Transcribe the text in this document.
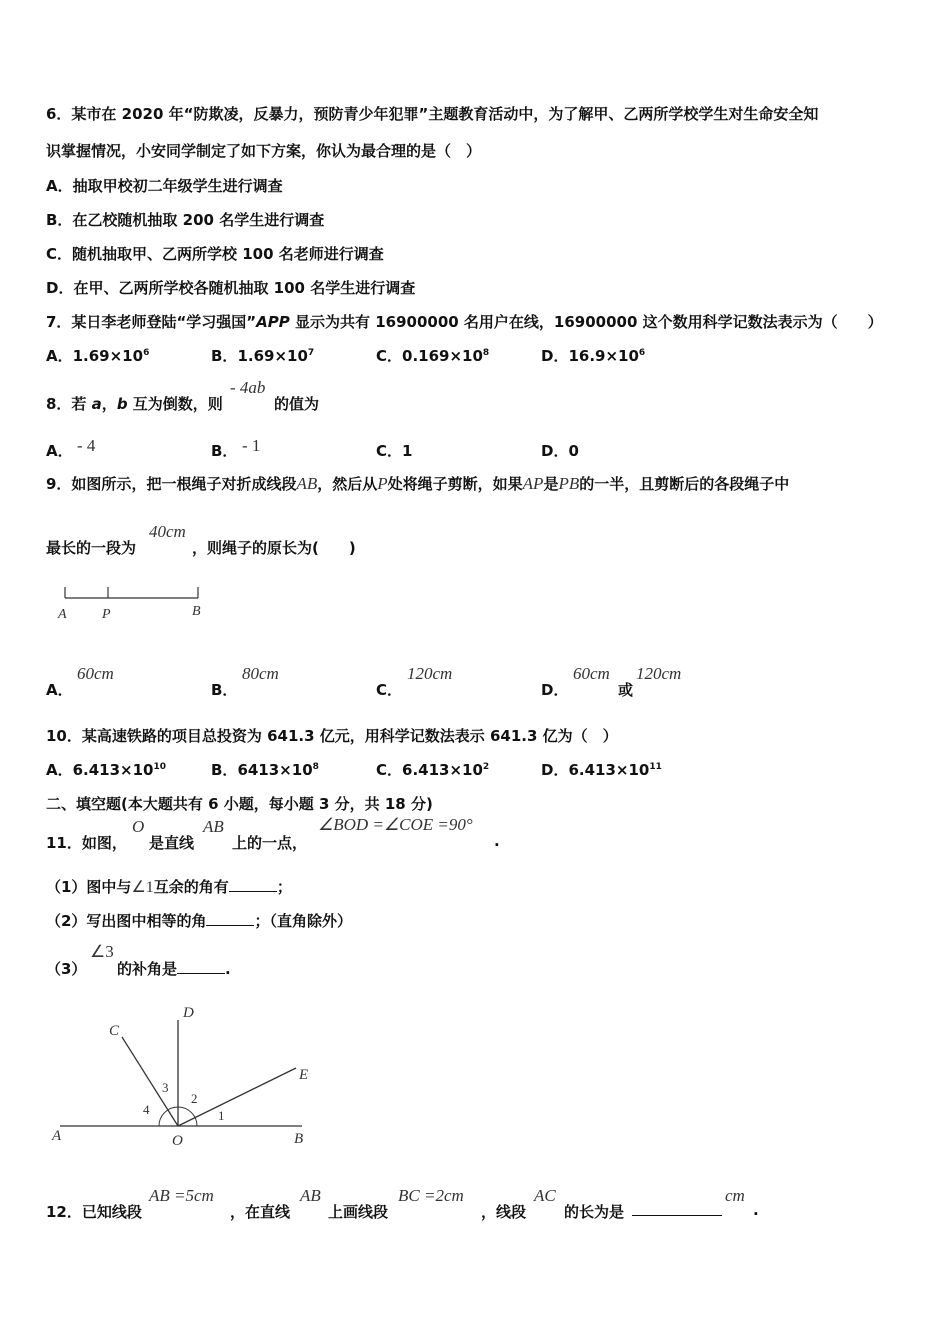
6．某市在 2020 年“防欺凌，反暴力，预防青少年犯罪”主题教育活动中，为了解甲、乙两所学校学生对生命安全知
识掌握情况，小安同学制定了如下方案，你认为最合理的是（　）
A．抽取甲校初二年级学生进行调查
B．在乙校随机抽取 200 名学生进行调查
C．随机抽取甲、乙两所学校 100 名老师进行调查
D．在甲、乙两所学校各随机抽取 100 名学生进行调查
7．某日李老师登陆“学习强国”APP 显示为共有 16900000 名用户在线，16900000 这个数用科学记数法表示为（　　）
A．$1.69\times 10^6$	B．$1.69\times 10^7$	C．$0.169\times 10^8$	D．$16.9\times 10^6$
8．若 a，b 互为倒数，则
- 4ab
的值为
A． - 4	B． - 1	C．1	D．0
9．如图所示，把一根绳子对折成线段AB，然后从P处将绳子剪断，如果AP是PB的一半，且剪断后的各段绳子中
最长的一段为
40cm
，则绳子的原长为(　　)
A	P	B
A．
60cm
B．
80cm
C．
120cm
D．
60cm
或
120cm
10．某高速铁路的项目总投资为 641.3 亿元，用科学记数法表示 641.3 亿为（　）
A．$6.413\times 10^{10}$	B．$6413\times 10^8$	C．$6.413\times 10^2$	D．$6.413\times 10^{11}$
二、填空题(本大题共有 6 小题，每小题 3 分，共 18 分)
11．如图，
O
是直线
AB
上的一点，
∠BOD =∠COE =90°
.
（1）图中与∠1互余的角有	；
（2）写出图中相等的角	；（直角除外）
（3）
∠3
的补角是	.
A	B
O
C
D
E
1
2
3
4
12．已知线段
AB =5cm
，在直线
AB
上画线段
BC =2cm
，线段
AC
的长为是
cm
.
